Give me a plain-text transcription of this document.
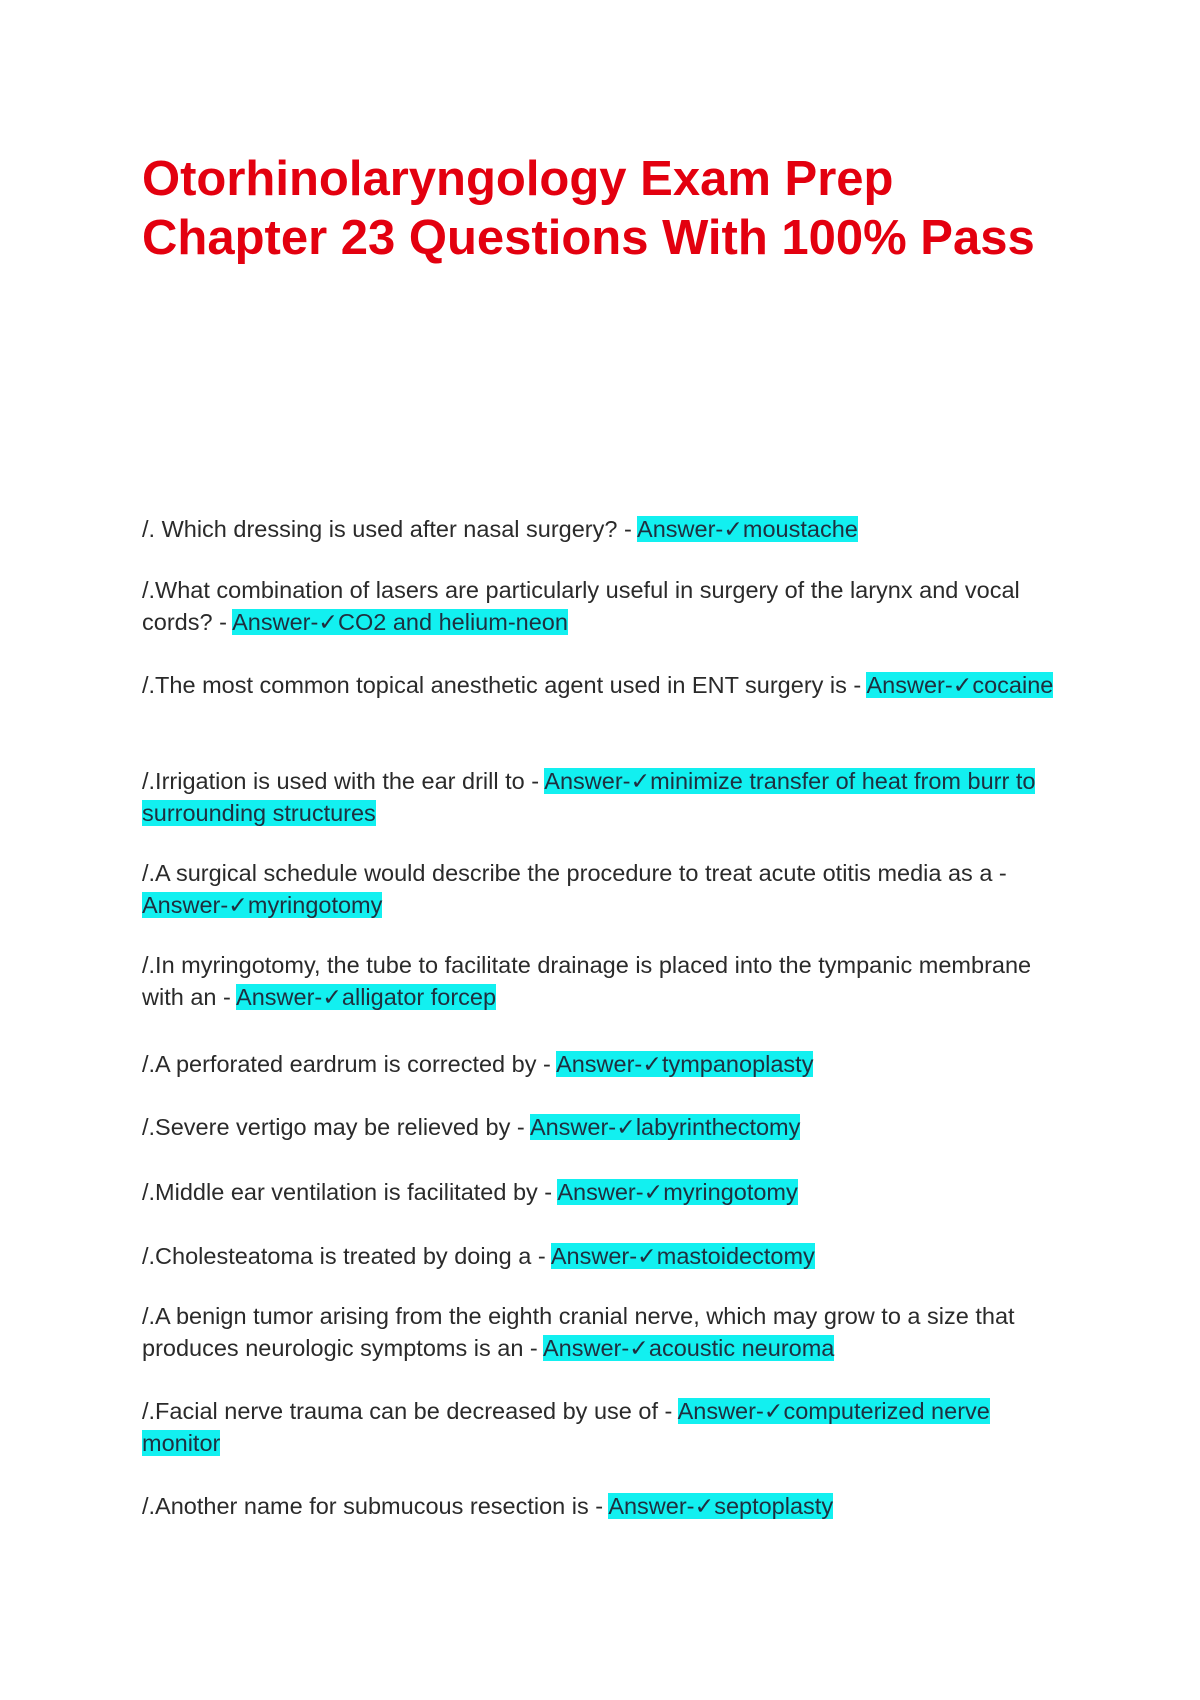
Otorhinolaryngology Exam Prep
Chapter 23 Questions With 100% Pass

/. Which dressing is used after nasal surgery? - Answer-✓moustache

/.What combination of lasers are particularly useful in surgery of the larynx and vocal cords? - Answer-✓CO2 and helium-neon

/.The most common topical anesthetic agent used in ENT surgery is - Answer-✓cocaine

/.Irrigation is used with the ear drill to - Answer-✓minimize transfer of heat from burr to surrounding structures

/.A surgical schedule would describe the procedure to treat acute otitis media as a - Answer-✓myringotomy

/.In myringotomy, the tube to facilitate drainage is placed into the tympanic membrane with an - Answer-✓alligator forcep

/.A perforated eardrum is corrected by - Answer-✓tympanoplasty

/.Severe vertigo may be relieved by - Answer-✓labyrinthectomy

/.Middle ear ventilation is facilitated by - Answer-✓myringotomy

/.Cholesteatoma is treated by doing a - Answer-✓mastoidectomy

/.A benign tumor arising from the eighth cranial nerve, which may grow to a size that produces neurologic symptoms is an - Answer-✓acoustic neuroma

/.Facial nerve trauma can be decreased by use of - Answer-✓computerized nerve monitor

/.Another name for submucous resection is - Answer-✓septoplasty
